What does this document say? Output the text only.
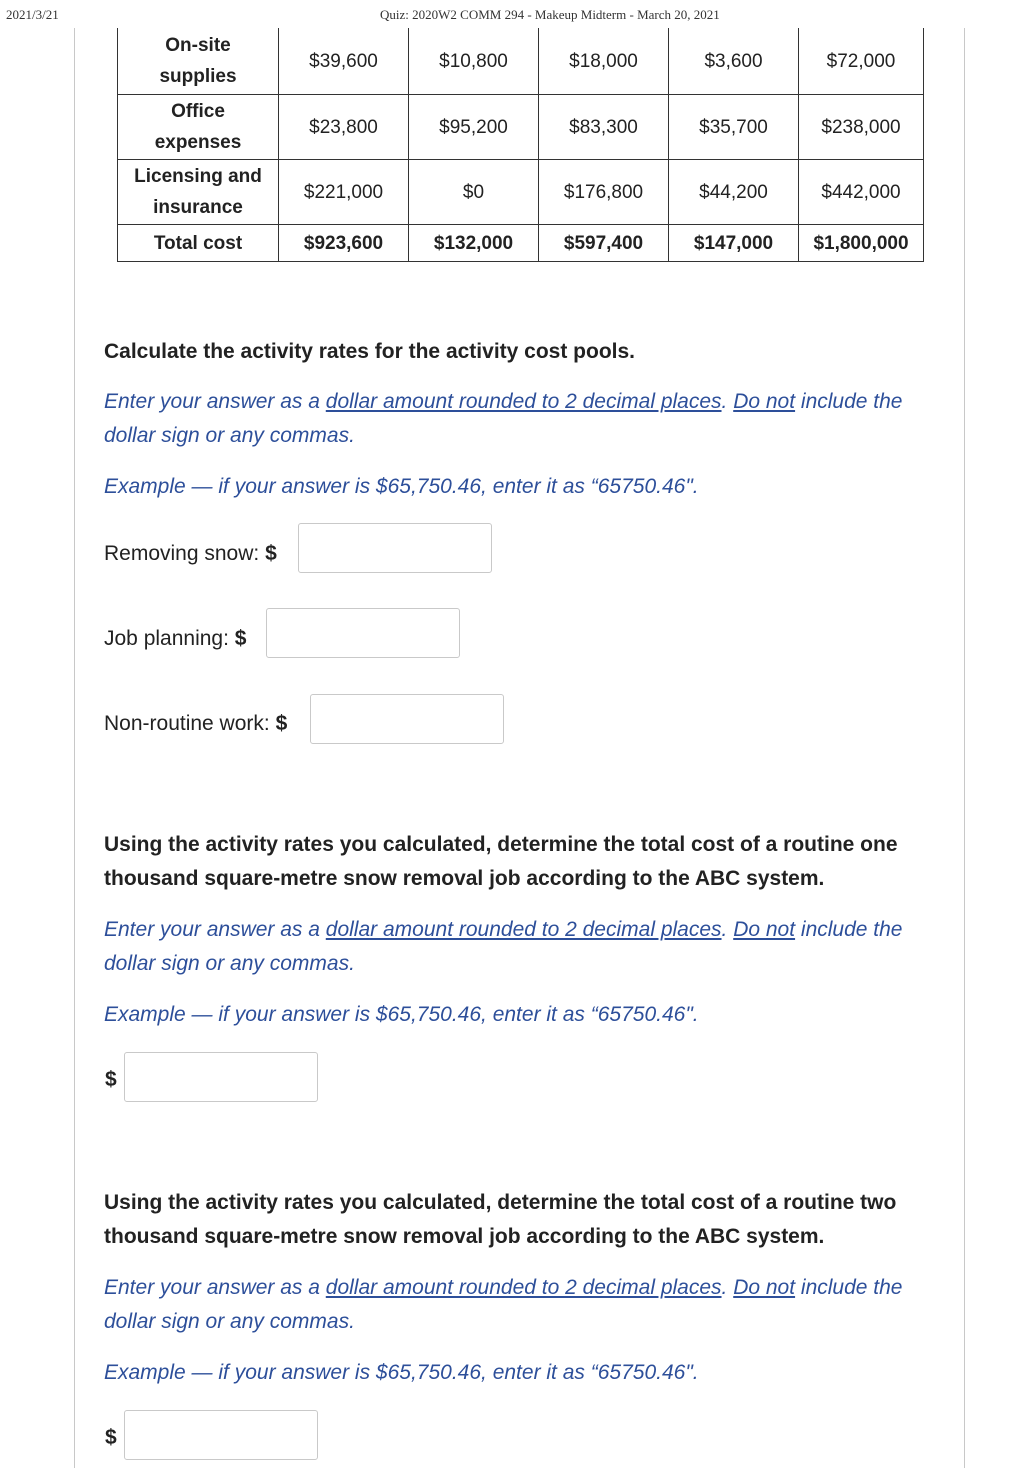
2021/3/21	Quiz: 2020W2 COMM 294 - Makeup Midterm - March 20, 2021
On-site
supplies	$39,600	$10,800	$18,000	$3,600	$72,000
Office
expenses	$23,800	$95,200	$83,300	$35,700	$238,000
Licensing and
insurance	$221,000	$0	$176,800	$44,200	$442,000
Total cost	$923,600	$132,000	$597,400	$147,000	$1,800,000
Calculate the activity rates for the activity cost pools.
Enter your answer as a dollar amount rounded to 2 decimal places. Do not include the dollar sign or any commas.
Example — if your answer is $65,750.46, enter it as “65750.46".
Removing snow: $
Job planning: $
Non-routine work: $
Using the activity rates you calculated, determine the total cost of a routine one thousand square-metre snow removal job according to the ABC system.
Enter your answer as a dollar amount rounded to 2 decimal places. Do not include the dollar sign or any commas.
Example — if your answer is $65,750.46, enter it as “65750.46".
$
Using the activity rates you calculated, determine the total cost of a routine two thousand square-metre snow removal job according to the ABC system.
Enter your answer as a dollar amount rounded to 2 decimal places. Do not include the dollar sign or any commas.
Example — if your answer is $65,750.46, enter it as “65750.46".
$
